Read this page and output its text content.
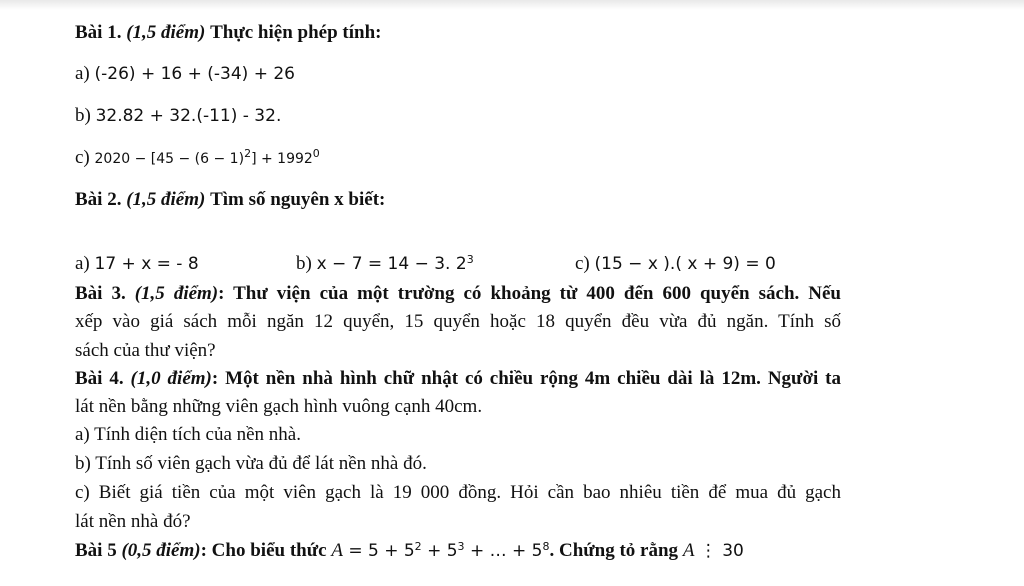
Bài 1. (1,5 điểm) Thực hiện phép tính:
a) (-26) + 16 + (-34) + 26
b) 32.82 + 32.(-11) - 32.
c) $2020 - [45 - (6 - 1)^2] + 1992^0$
Bài 2. (1,5 điểm) Tìm số nguyên x biết:
a) 17 + x = - 8	b) x − 7 = 14 − 3. $2^3$	c) (15 − x ).( x + 9) = 0
Bài 3. (1,5 điểm): Thư viện của một trường có khoảng từ 400 đến 600 quyển sách. Nếu
xếp vào giá sách mỗi ngăn 12 quyển, 15 quyển hoặc 18 quyển đều vừa đủ ngăn. Tính số
sách của thư viện?
Bài 4. (1,0 điểm): Một nền nhà hình chữ nhật có chiều rộng 4m chiều dài là 12m. Người ta
lát nền bằng những viên gạch hình vuông cạnh 40cm.
a) Tính diện tích của nền nhà.
b) Tính số viên gạch vừa đủ để lát nền nhà đó.
c) Biết giá tiền của một viên gạch là 19 000 đồng. Hỏi cần bao nhiêu tiền để mua đủ gạch
lát nền nhà đó?
Bài 5 (0,5 điểm): Cho biểu thức $A = 5 + 5^2 + 5^3$ + … + $5^8$. Chứng tỏ rằng A ⋮ 30
